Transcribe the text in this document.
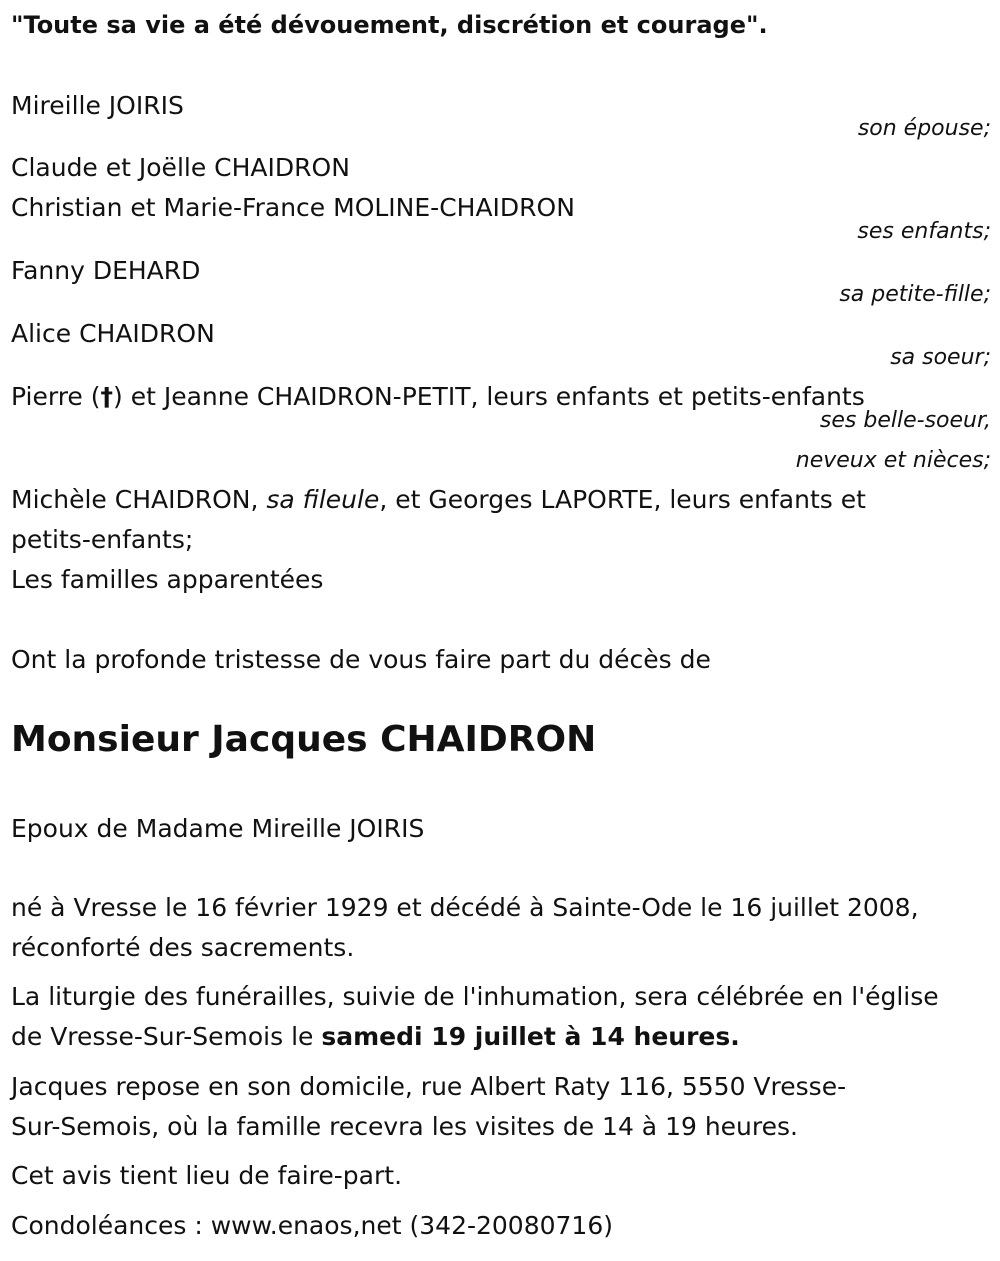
"Toute sa vie a été dévouement, discrétion et courage".
Mireille JOIRIS
son épouse;
Claude et Joëlle CHAIDRON
Christian et Marie-France MOLINE-CHAIDRON
ses enfants;
Fanny DEHARD
sa petite-fille;
Alice CHAIDRON
sa soeur;
Pierre (†) et Jeanne CHAIDRON-PETIT, leurs enfants et petits-enfants
ses belle-soeur,
neveux et nièces;
Michèle CHAIDRON, sa fileule, et Georges LAPORTE, leurs enfants et
petits-enfants;
Les familles apparentées
Ont la profonde tristesse de vous faire part du décès de
Monsieur Jacques CHAIDRON
Epoux de Madame Mireille JOIRIS
né à Vresse le 16 février 1929 et décédé à Sainte-Ode le 16 juillet 2008,
réconforté des sacrements.
La liturgie des funérailles, suivie de l'inhumation, sera célébrée en l'église
de Vresse-Sur-Semois le samedi 19 juillet à 14 heures.
Jacques repose en son domicile, rue Albert Raty 116, 5550 Vresse-
Sur-Semois, où la famille recevra les visites de 14 à 19 heures.
Cet avis tient lieu de faire-part.
Condoléances : www.enaos,net (342-20080716)
